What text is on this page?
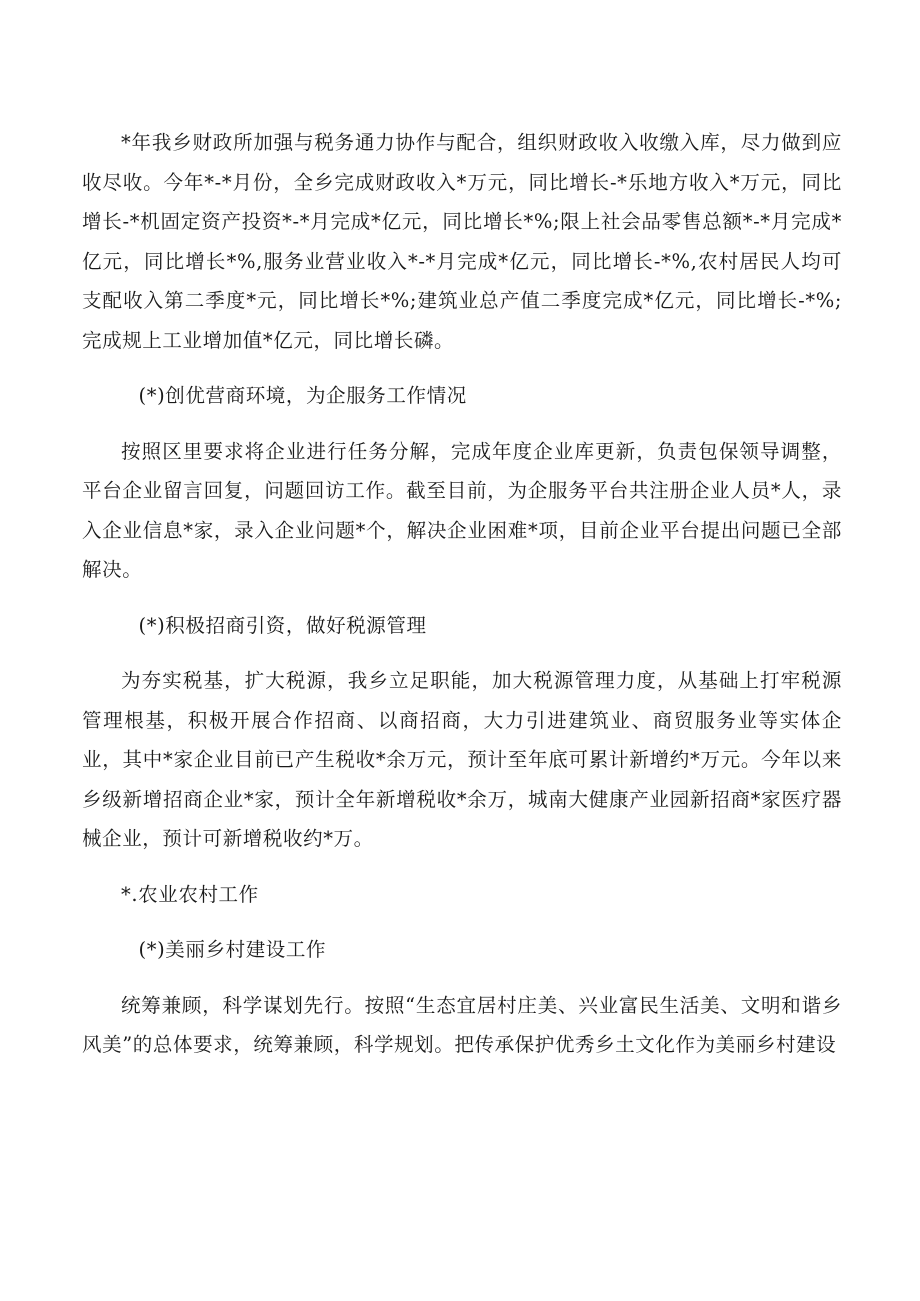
*年我乡财政所加强与税务通力协作与配合，组织财政收入收缴入库，尽力做到应收尽收。今年*-*月份，全乡完成财政收入*万元，同比增长-*乐地方收入*万元，同比增长-*机固定资产投资*-*月完成*亿元，同比增长*%;限上社会品零售总额*-*月完成*亿元，同比增长*%,服务业营业收入*-*月完成*亿元，同比增长-*%,农村居民人均可支配收入第二季度*元，同比增长*%;建筑业总产值二季度完成*亿元，同比增长-*%;完成规上工业增加值*亿元，同比增长磷。

(*)创优营商环境，为企服务工作情况

按照区里要求将企业进行任务分解，完成年度企业库更新，负责包保领导调整，平台企业留言回复，问题回访工作。截至目前，为企服务平台共注册企业人员*人，录入企业信息*家，录入企业问题*个，解决企业困难*项，目前企业平台提出问题已全部解决。

(*)积极招商引资，做好税源管理

为夯实税基，扩大税源，我乡立足职能，加大税源管理力度，从基础上打牢税源管理根基，积极开展合作招商、以商招商，大力引进建筑业、商贸服务业等实体企业，其中*家企业目前已产生税收*余万元，预计至年底可累计新增约*万元。今年以来乡级新增招商企业*家，预计全年新增税收*余万，城南大健康产业园新招商*家医疗器械企业，预计可新增税收约*万。

*.农业农村工作

(*)美丽乡村建设工作

统筹兼顾，科学谋划先行。按照“生态宜居村庄美、兴业富民生活美、文明和谐乡风美”的总体要求，统筹兼顾，科学规划。把传承保护优秀乡土文化作为美丽乡村建设
